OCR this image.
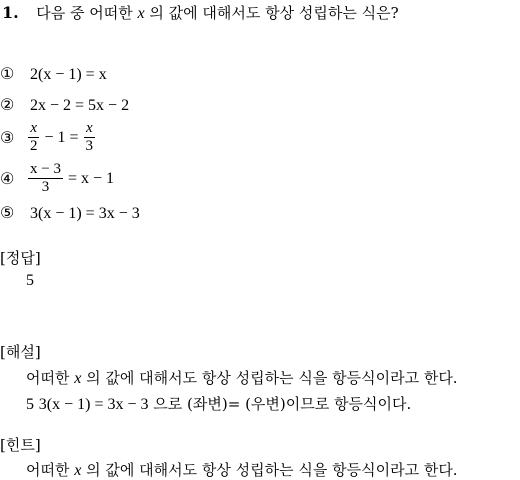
1. 다음 중 어떠한 x 의 값에 대해서도 항상 성립하는 식은?
① 2(x − 1) = x
② 2x − 2 = 5x − 2
③ $\frac{x}{2} - 1 = \frac{x}{3}$
④ $\frac{x - 3}{3} = x - 1$
⑤ 3(x − 1) = 3x − 3
[정답]
5
[해설]
어떠한 x 의 값에 대해서도 항상 성립하는 식을 항등식이라고 한다.
5 3(x − 1) = 3x − 3 으로 (좌변)= (우변)이므로 항등식이다.
[힌트]
어떠한 x 의 값에 대해서도 항상 성립하는 식을 항등식이라고 한다.
